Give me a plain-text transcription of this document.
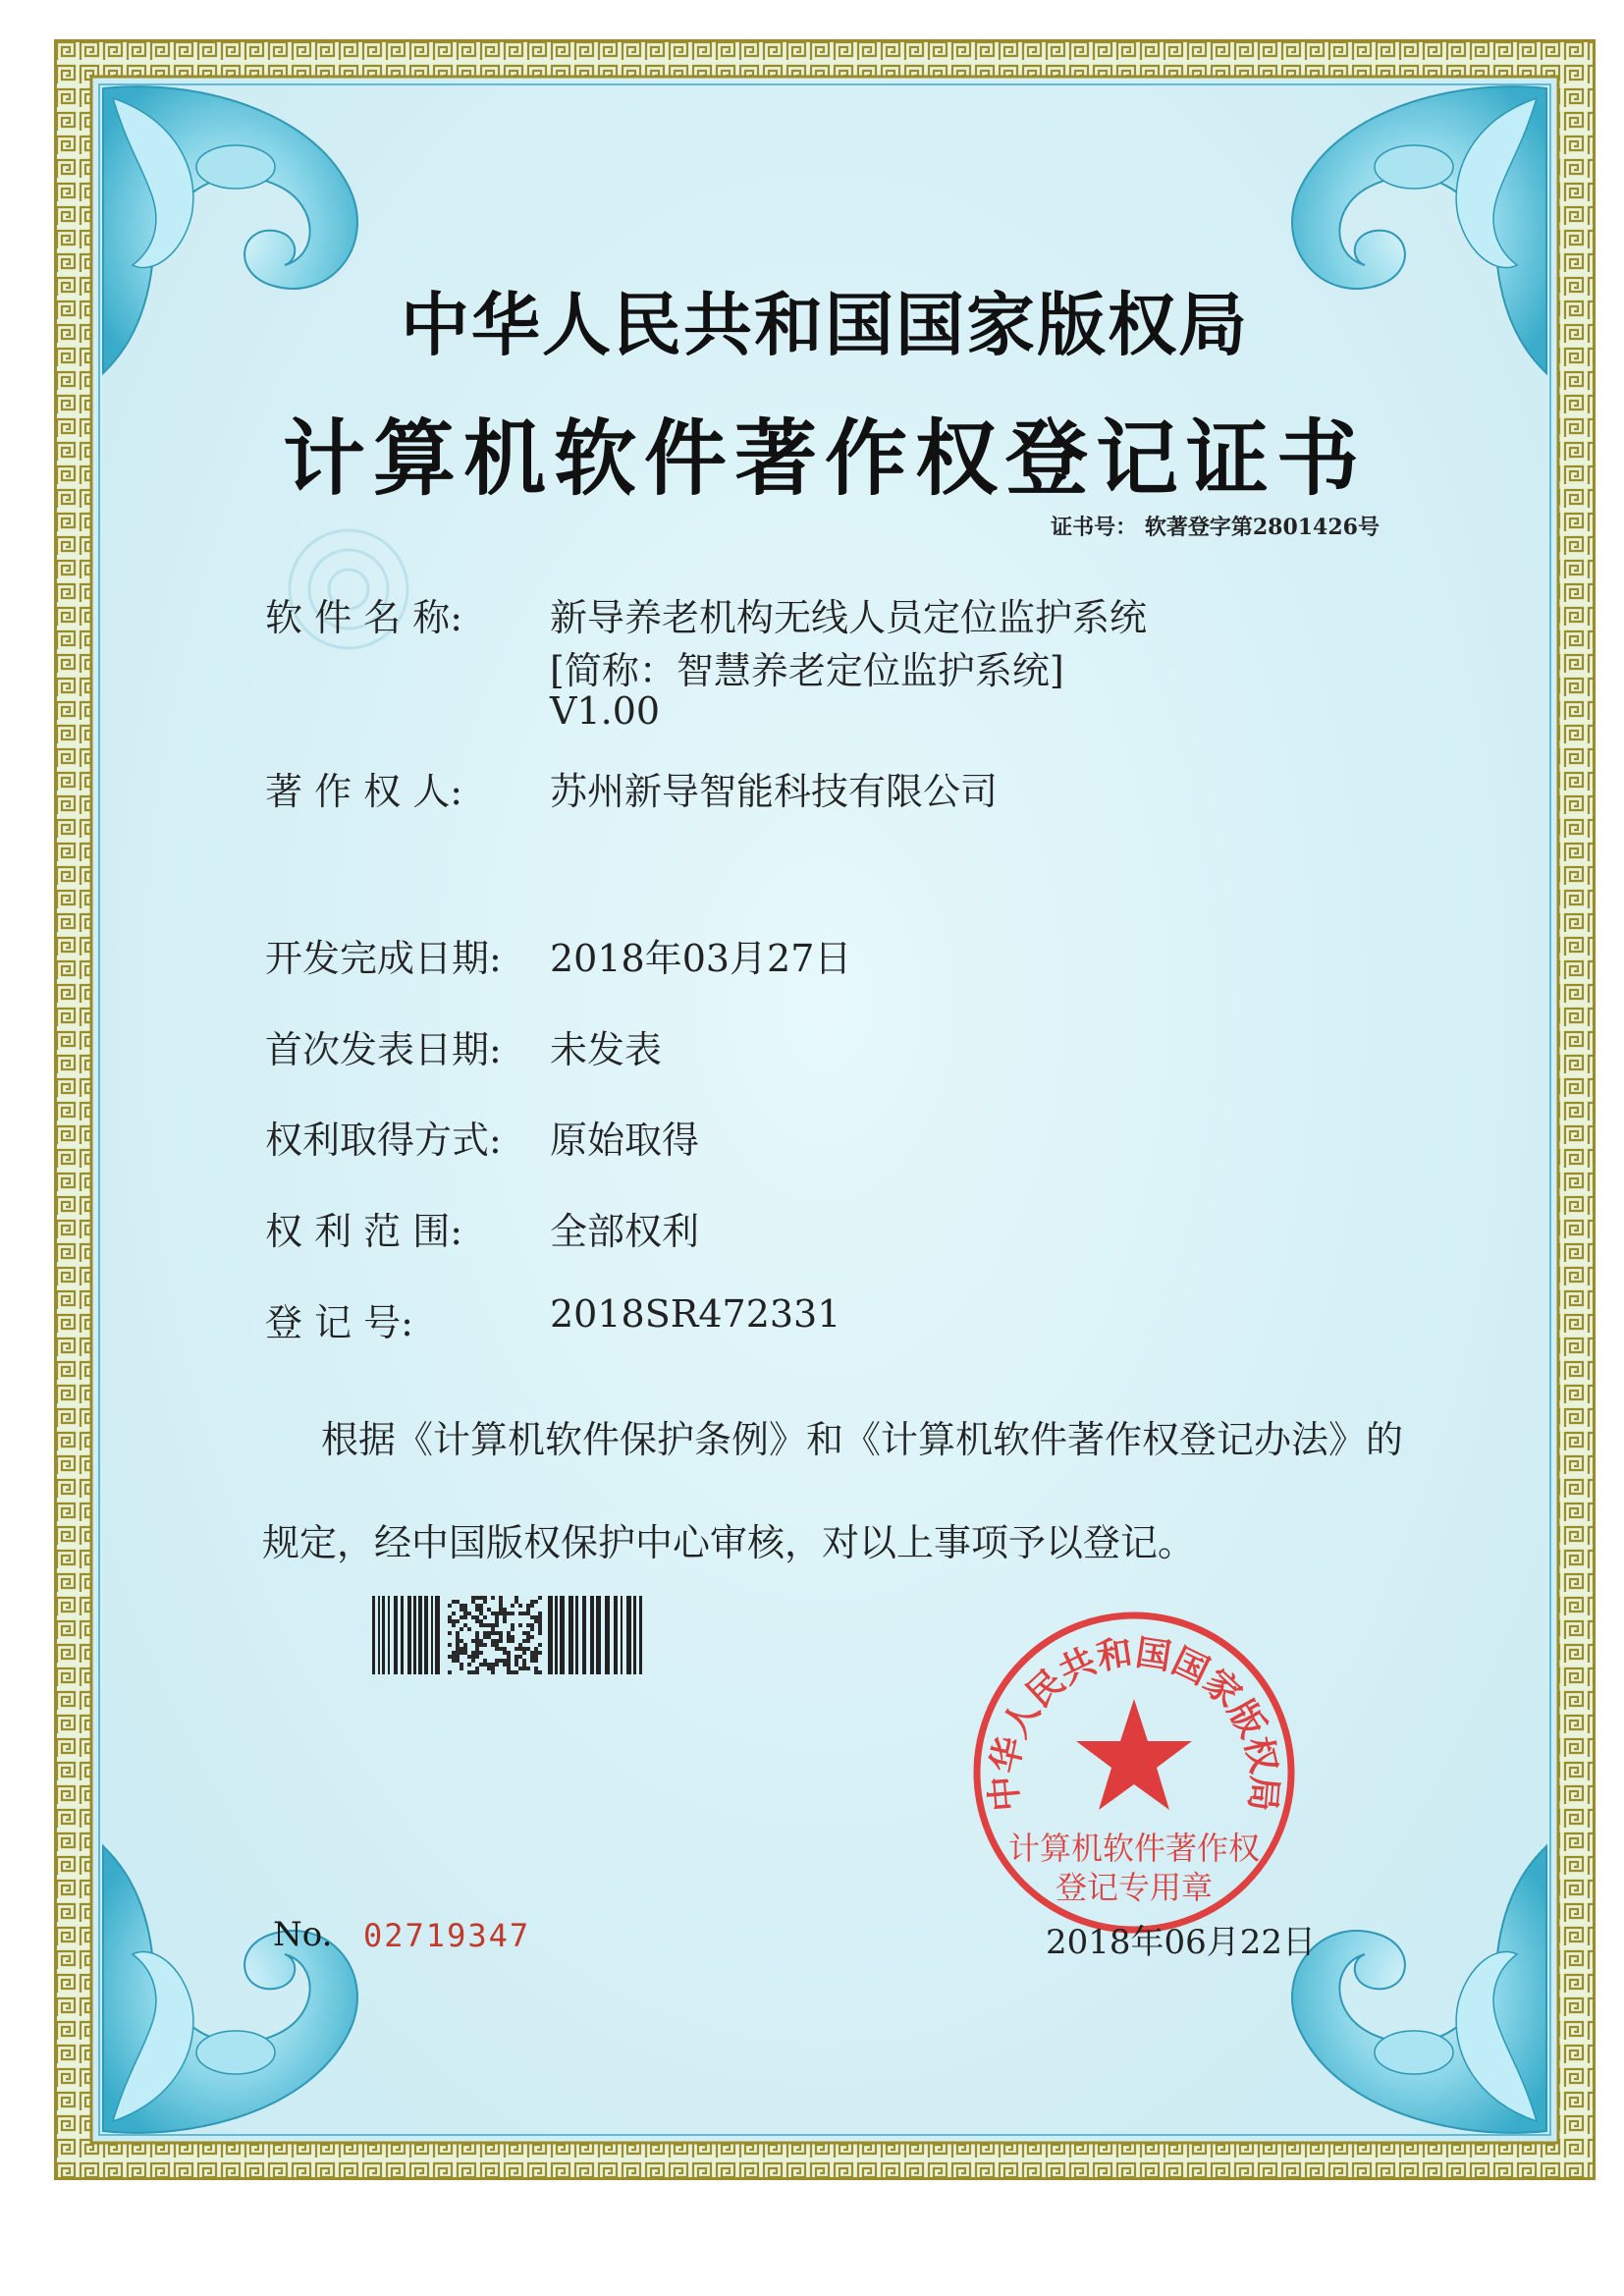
中华人民共和国国家版权局
计算机软件著作权登记证书
证书号： 软著登字第2801426号
软 件 名 称: 新导养老机构无线人员定位监护系统
[简称：智慧养老定位监护系统]
V1.00
著 作 权 人: 苏州新导智能科技有限公司
开发完成日期: 2018年03月27日
首次发表日期: 未发表
权利取得方式: 原始取得
权 利 范 围: 全部权利
登 记 号:	2018SR472331
根据《计算机软件保护条例》和《计算机软件著作权登记办法》的
规定，经中国版权保护中心审核，对以上事项予以登记。
中华人民共和国国家版权局
计算机软件著作权
登记专用章
No. 02719347	2018年06月22日
